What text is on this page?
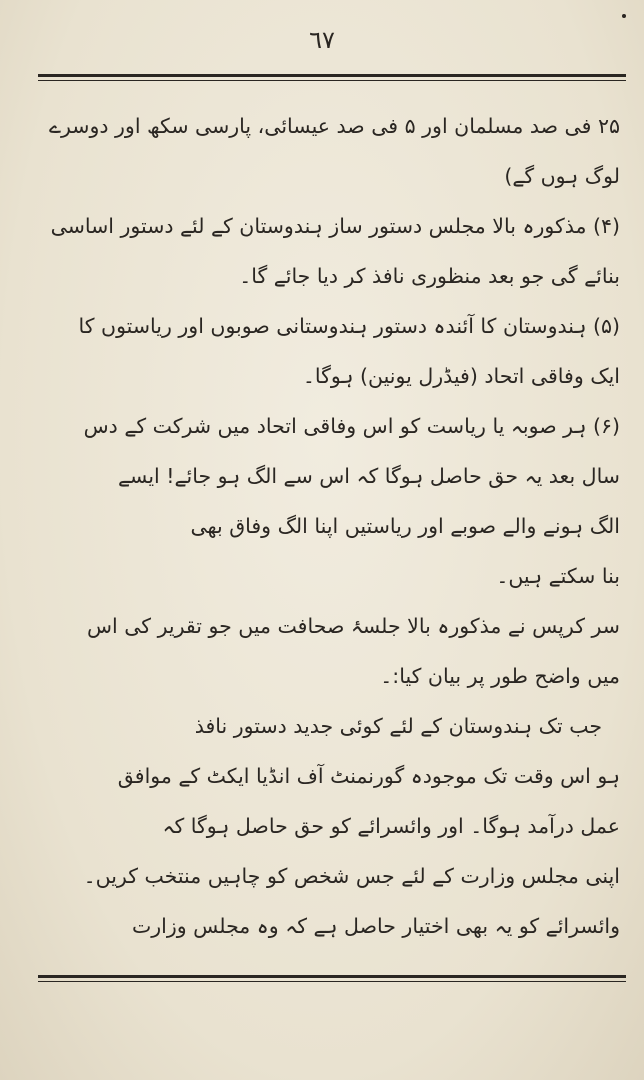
٦٧
۲۵ فی صد مسلمان اور ۵ فی صد عیسائی، پارسی سکھ اور دوسرے
لوگ ہوں گے)
(۴) مذکورہ بالا مجلس دستور ساز ہندوستان کے لئے دستور اساسی
بنائے گی جو بعد منظوری نافذ کر دیا جائے گا۔
(۵) ہندوستان کا آئندہ دستور ہندوستانی صوبوں اور ریاستوں کا
ایک وفاقی اتحاد (فیڈرل یونین) ہوگا۔
(۶) ہر صوبہ یا ریاست کو اس وفاقی اتحاد میں شرکت کے دس
سال بعد یہ حق حاصل ہوگا کہ اس سے الگ ہو جائے! ایسے
الگ ہونے والے صوبے اور ریاستیں اپنا الگ وفاق بھی
بنا سکتے ہیں۔
سر کرپس نے مذکورہ بالا جلسۂ صحافت میں جو تقریر کی اس
میں واضح طور پر بیان کیا:۔
جب تک ہندوستان کے لئے کوئی جدید دستور نافذ
ہو اس وقت تک موجودہ گورنمنٹ آف انڈیا ایکٹ کے موافق
عمل درآمد ہوگا۔ اور وائسرائے کو حق حاصل ہوگا کہ
اپنی مجلس وزارت کے لئے جس شخص کو چاہیں منتخب کریں۔
وائسرائے کو یہ بھی اختیار حاصل ہے کہ وہ مجلس وزارت
